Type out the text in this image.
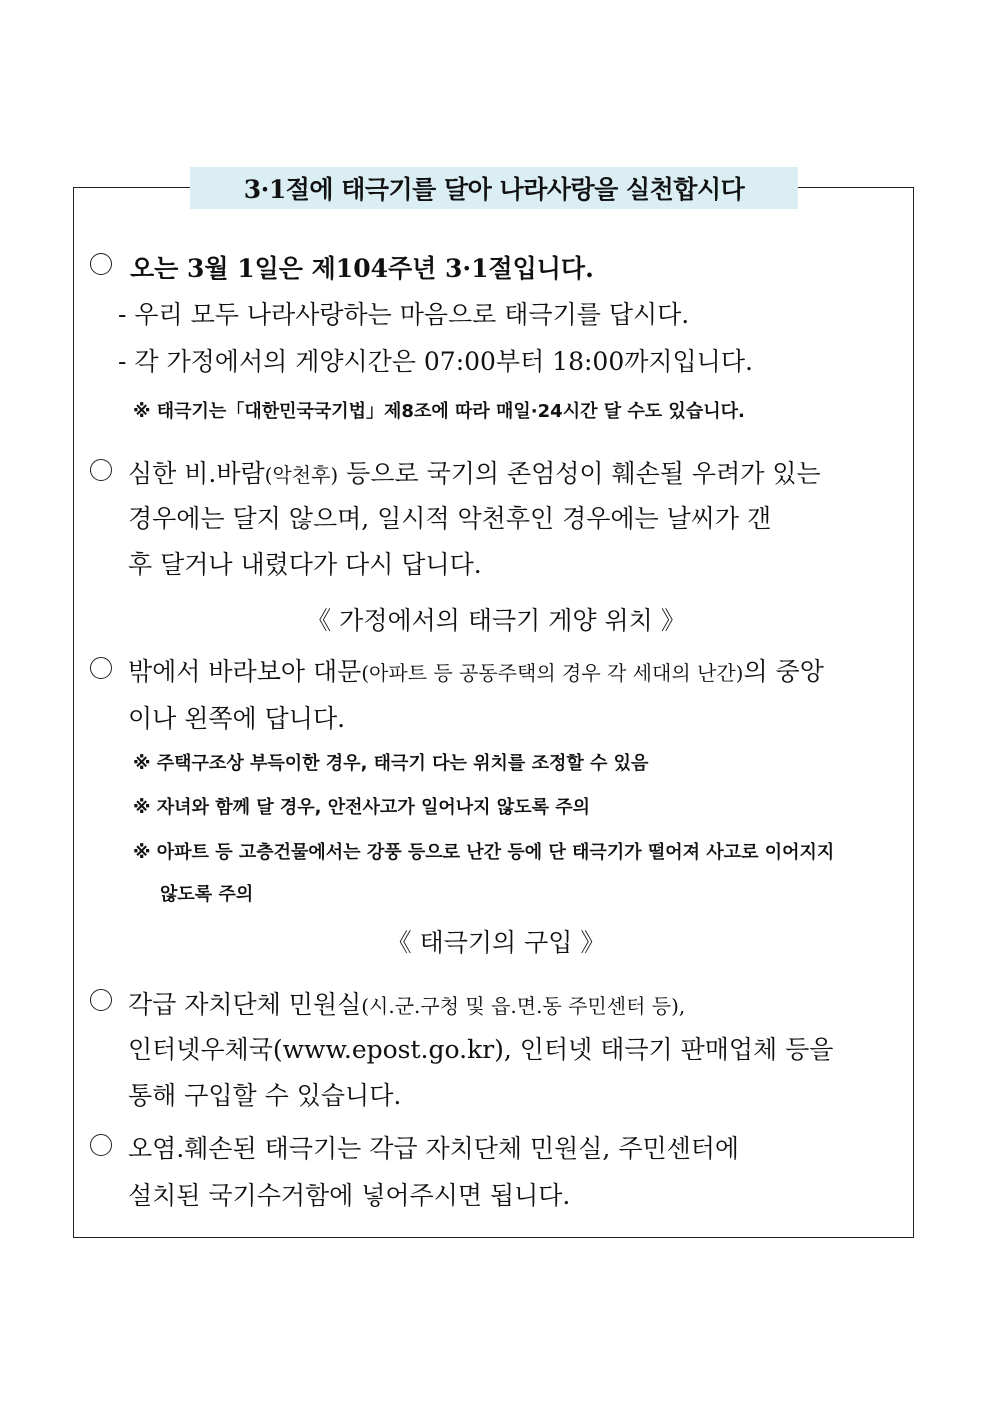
3·1절에 태극기를 달아 나라사랑을 실천합시다
오는 3월 1일은 제104주년 3·1절입니다.
- 우리 모두 나라사랑하는 마음으로 태극기를 답시다.
- 각 가정에서의 게양시간은 07:00부터 18:00까지입니다.
※ 태극기는「대한민국국기법」제8조에 따라 매일·24시간 달 수도 있습니다.
심한 비.바람(악천후) 등으로 국기의 존엄성이 훼손될 우려가 있는
경우에는 달지 않으며, 일시적 악천후인 경우에는 날씨가 갠
후 달거나 내렸다가 다시 답니다.
《 가정에서의 태극기 게양 위치 》
밖에서 바라보아 대문(아파트 등 공동주택의 경우 각 세대의 난간)의 중앙
이나 왼쪽에 답니다.
※ 주택구조상 부득이한 경우, 태극기 다는 위치를 조정할 수 있음
※ 자녀와 함께 달 경우, 안전사고가 일어나지 않도록 주의
※ 아파트 등 고층건물에서는 강풍 등으로 난간 등에 단 태극기가 떨어져 사고로 이어지지
않도록 주의
《 태극기의 구입 》
각급 자치단체 민원실(시.군.구청 및 읍.면.동 주민센터 등),
인터넷우체국(www.epost.go.kr), 인터넷 태극기 판매업체 등을
통해 구입할 수 있습니다.
오염.훼손된 태극기는 각급 자치단체 민원실, 주민센터에
설치된 국기수거함에 넣어주시면 됩니다.
